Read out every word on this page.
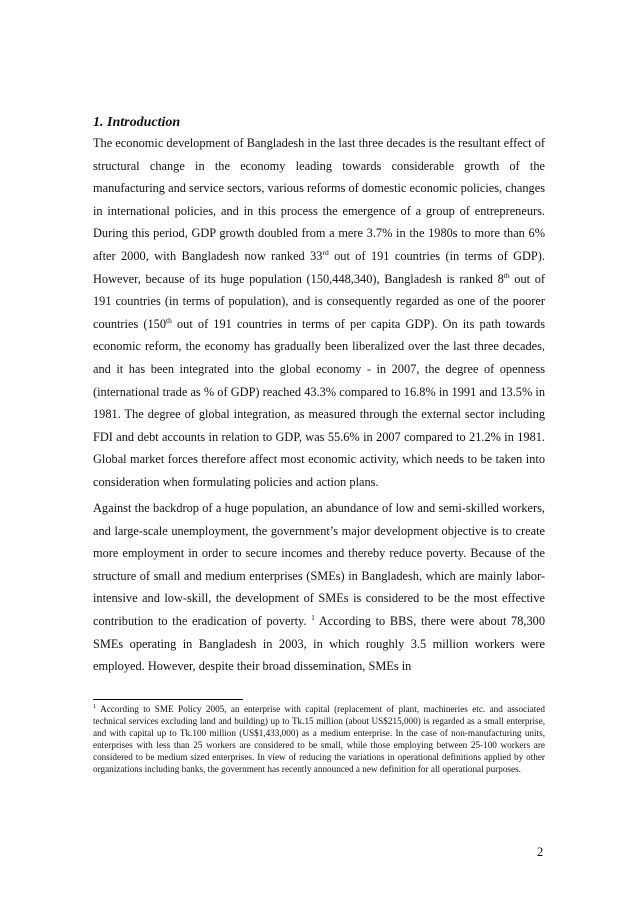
1. Introduction

The economic development of Bangladesh in the last three decades is the resultant effect of structural change in the economy leading towards considerable growth of the manufacturing and service sectors, various reforms of domestic economic policies, changes in international policies, and in this process the emergence of a group of entrepreneurs. During this period, GDP growth doubled from a mere 3.7% in the 1980s to more than 6% after 2000, with Bangladesh now ranked 33rd out of 191 countries (in terms of GDP). However, because of its huge population (150,448,340), Bangladesh is ranked 8th out of 191 countries (in terms of population), and is consequently regarded as one of the poorer countries (150th out of 191 countries in terms of per capita GDP). On its path towards economic reform, the economy has gradually been liberalized over the last three decades, and it has been integrated into the global economy - in 2007, the degree of openness (international trade as % of GDP) reached 43.3% compared to 16.8% in 1991 and 13.5% in 1981. The degree of global integration, as measured through the external sector including FDI and debt accounts in relation to GDP, was 55.6% in 2007 compared to 21.2% in 1981. Global market forces therefore affect most economic activity, which needs to be taken into consideration when formulating policies and action plans.

Against the backdrop of a huge population, an abundance of low and semi-skilled workers, and large-scale unemployment, the government’s major development objective is to create more employment in order to secure incomes and thereby reduce poverty. Because of the structure of small and medium enterprises (SMEs) in Bangladesh, which are mainly labor-intensive and low-skill, the development of SMEs is considered to be the most effective contribution to the eradication of poverty. $^1$ According to BBS, there were about 78,300 SMEs operating in Bangladesh in 2003, in which roughly 3.5 million workers were employed. However, despite their broad dissemination, SMEs in

$^1$ According to SME Policy 2005, an enterprise with capital (replacement of plant, machineries etc. and associated technical services excluding land and building) up to Tk.15 million (about US$215,000) is regarded as a small enterprise, and with capital up to Tk.100 million (US$1,433,000) as a medium enterprise. In the case of non-manufacturing units, enterprises with less than 25 workers are considered to be small, while those employing between 25-100 workers are considered to be medium sized enterprises. In view of reducing the variations in operational definitions applied by other organizations including banks, the government has recently announced a new definition for all operational purposes.

2
